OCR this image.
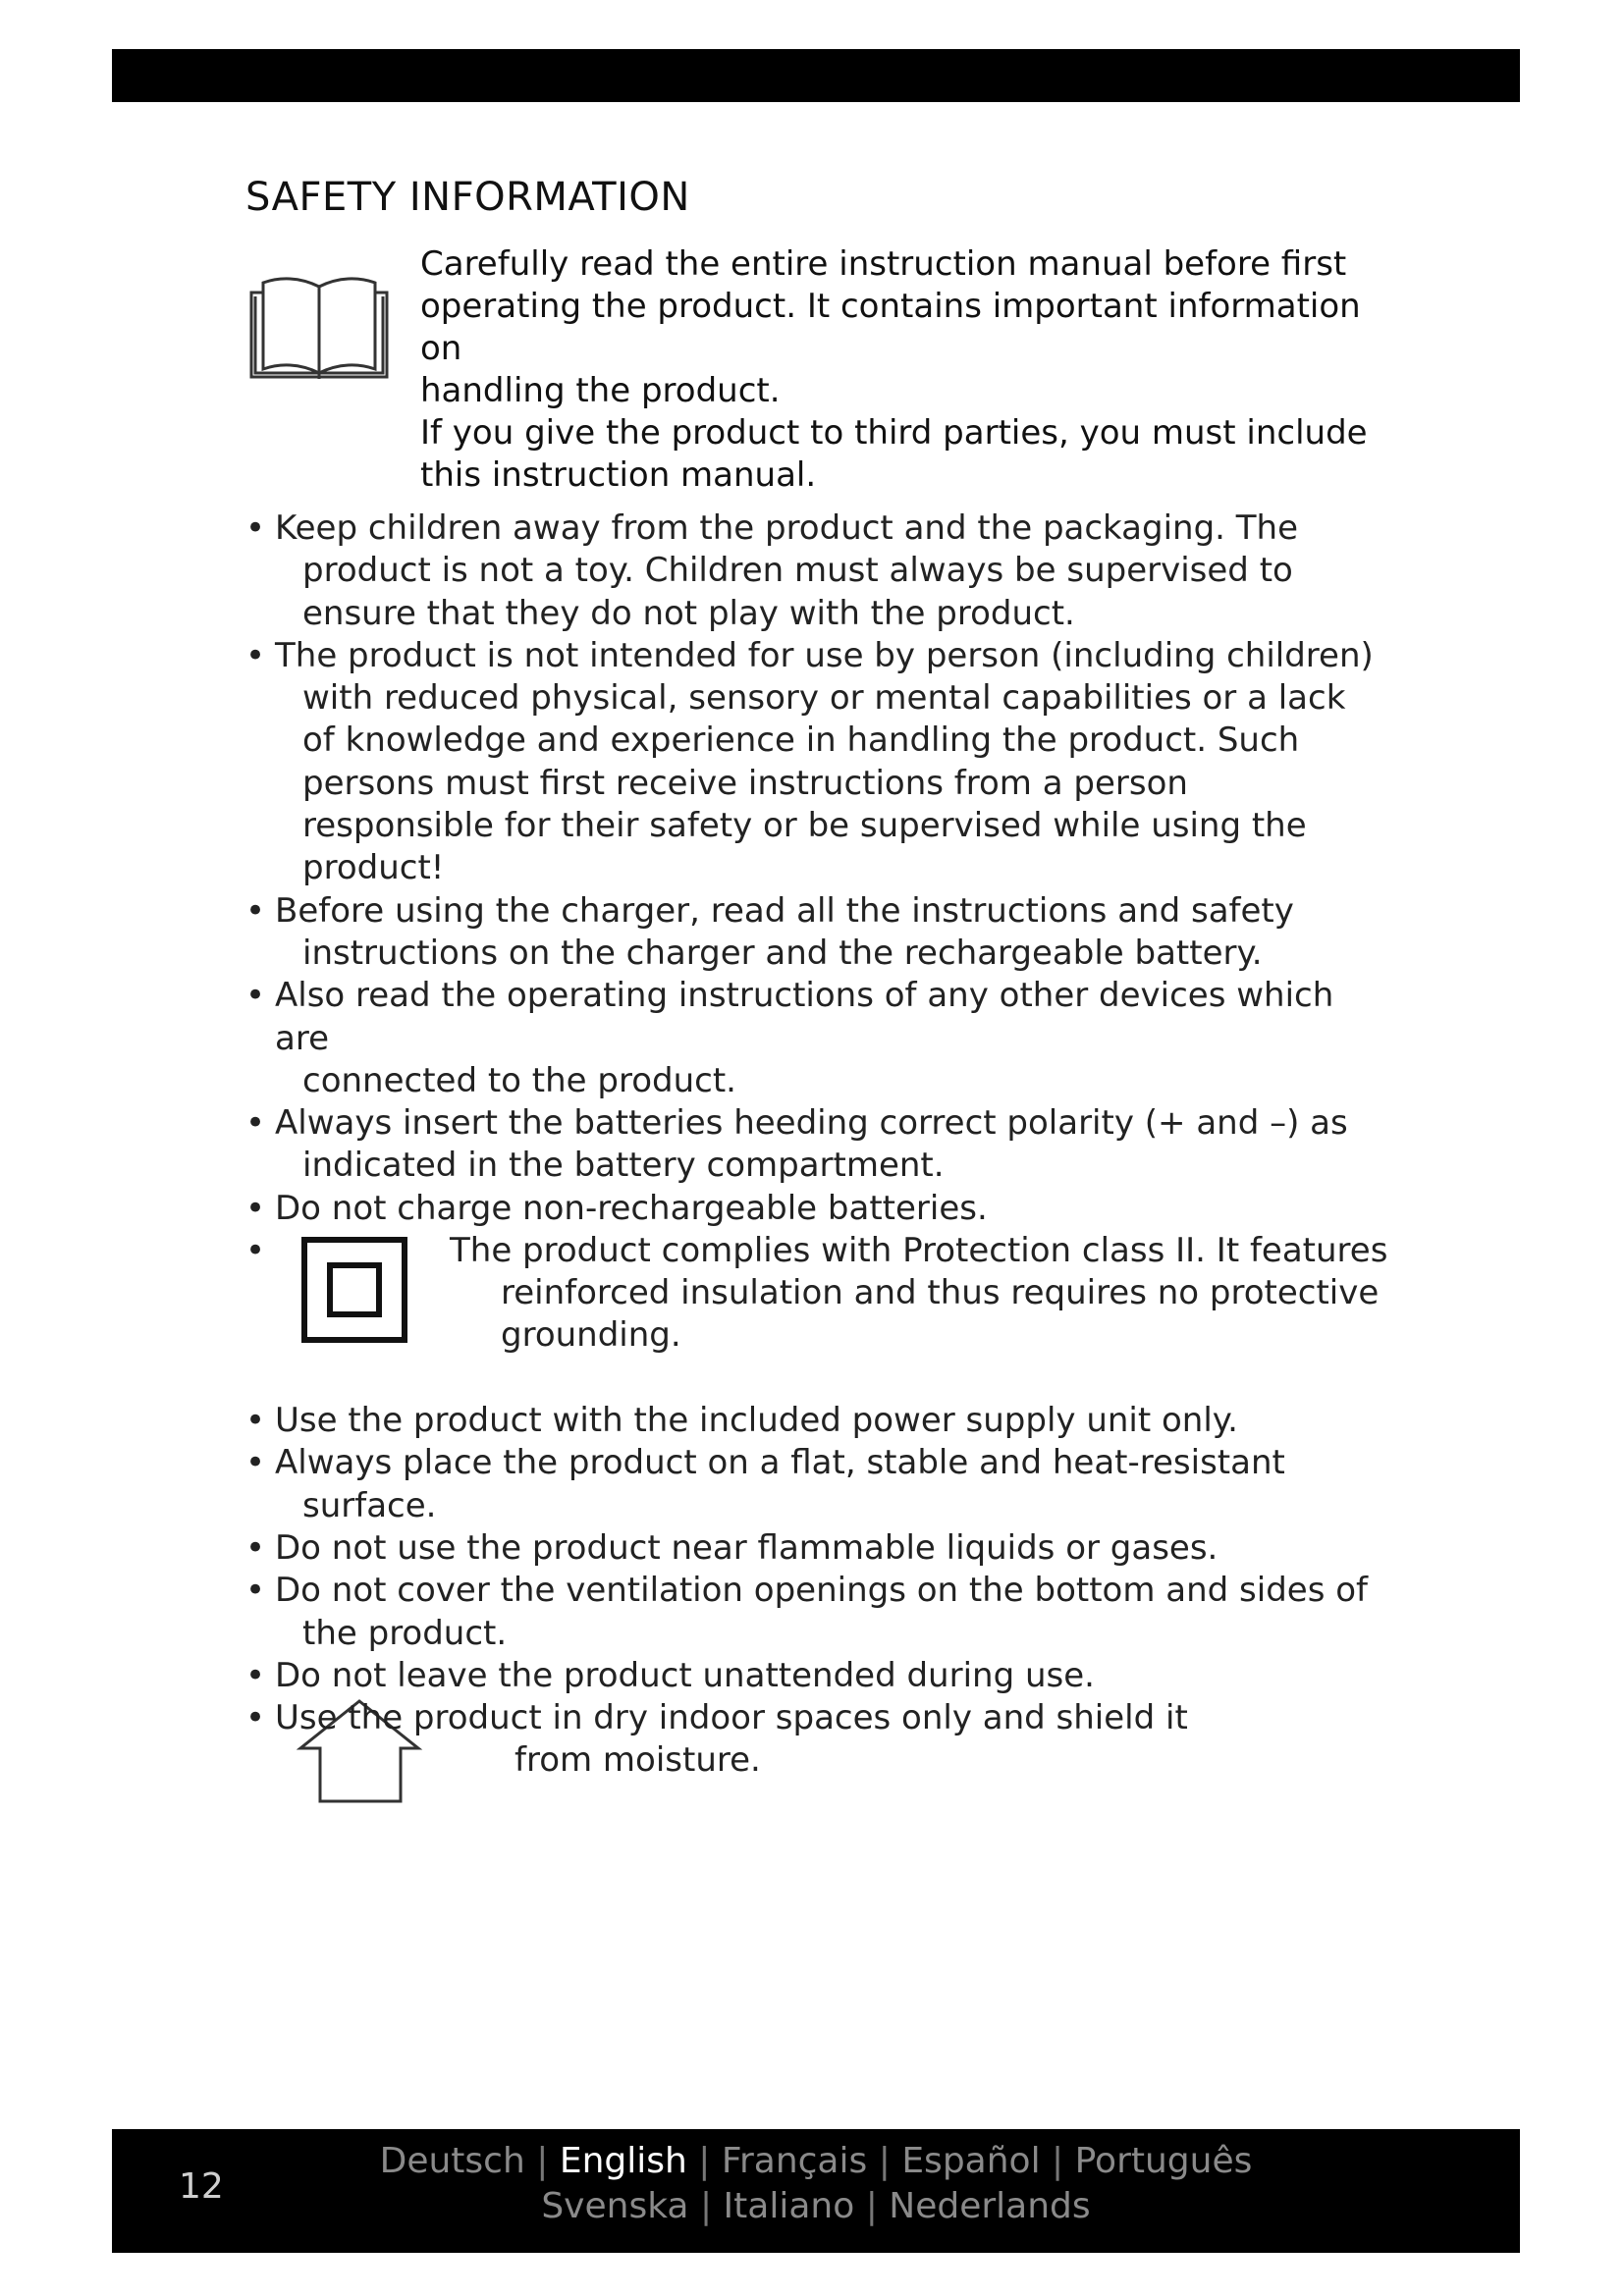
SAFETY INFORMATION

Carefully read the entire instruction manual before first

operating the product. It contains important information on

handling the product.

If you give the product to third parties, you must include

this instruction manual.

• Keep children away from the product and the packaging. The
product is not a toy. Children must always be supervised to ensure that they do not play with the product.
• The product is not intended for use by person (including children)
with reduced physical, sensory or mental capabilities or a lack of knowledge and experience in handling the product. Such persons must first receive instructions from a person responsible for their safety or be supervised while using the product!
• Before using the charger, read all the instructions and safety
instructions on the charger and the rechargeable battery.
• Also read the operating instructions of any other devices which are
connected to the product.
• Always insert the batteries heeding correct polarity (+ and –) as
indicated in the battery compartment.
• Do not charge non-rechargeable batteries.
• The product complies with Protection class II. It features
reinforced insulation and thus requires no protective grounding.
• Use the product with the included power supply unit only.
• Always place the product on a flat, stable and heat-resistant
surface.
• Do not use the product near flammable liquids or gases.
• Do not cover the ventilation openings on the bottom and sides of
the product.
• Do not leave the product unattended during use.
• Use the product in dry indoor spaces only and shield it
from moisture.
12
Deutsch | English | Français | Español | Português
Svenska | Italiano | Nederlands
